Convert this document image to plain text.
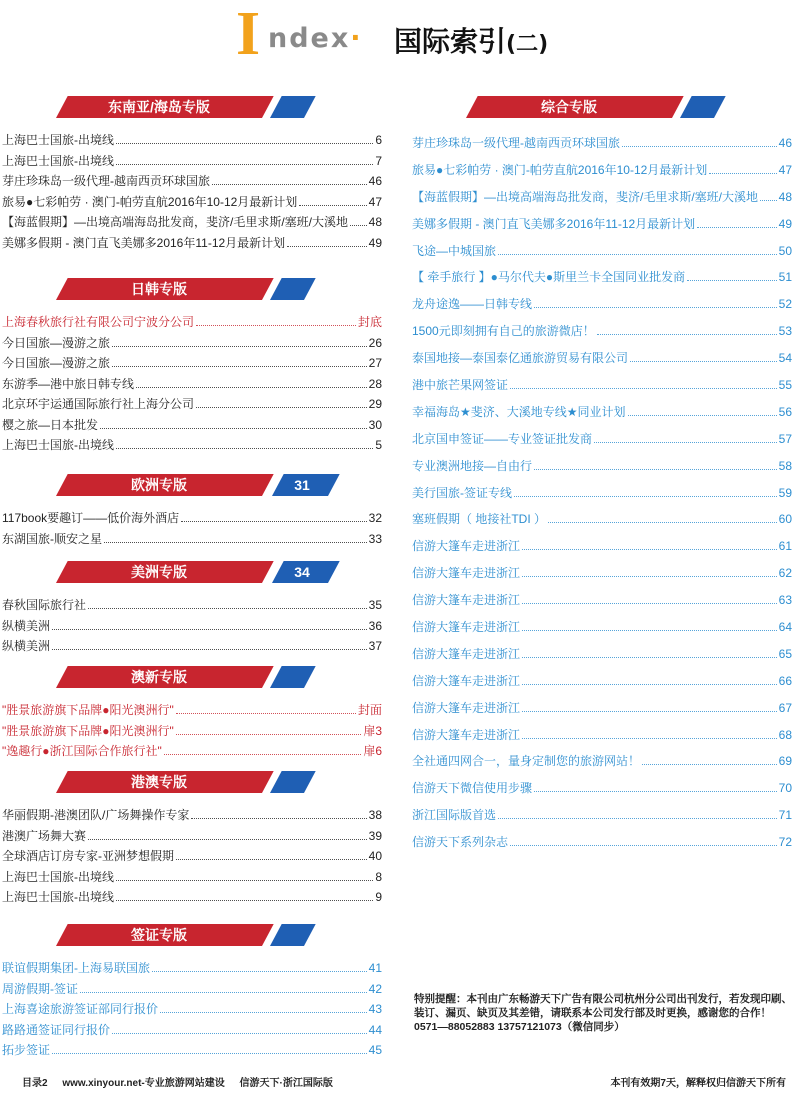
I ndex· 国际索引(二)
东南亚/海岛专版
上海巴士国旅-出境线	6
上海巴士国旅-出境线	7
芽庄珍珠岛一级代理-越南西贡环球国旅	46
旅易●七彩帕劳 · 澳门-帕劳直航2016年10-12月最新计划	47
【海蓝假期】—出境高端海岛批发商，斐济/毛里求斯/塞班/大溪地 48
美娜多假期 - 澳门直飞美娜多2016年11-12月最新计划	49
日韩专版
上海春秋旅行社有限公司宁波分公司	封底
今日国旅—漫游之旅	26
今日国旅—漫游之旅	27
东游季—港中旅日韩专线	28
北京环宇运通国际旅行社上海分公司	29
樱之旅—日本批发	30
上海巴士国旅-出境线	5
欧洲专版	31
117book要趣订——低价海外酒店	32
东湖国旅-顺安之星	33
美洲专版	34
春秋国际旅行社	35
纵横美洲	36
纵横美洲	37
澳新专版
"胜景旅游旗下品牌●阳光澳洲行"	封面
"胜景旅游旗下品牌●阳光澳洲行"	扉3
"逸趣行●浙江国际合作旅行社"	扉6
港澳专版
华丽假期-港澳团队/广场舞操作专家	38
港澳广场舞大赛	39
全球酒店订房专家-亚洲梦想假期	40
上海巴士国旅-出境线	8
上海巴士国旅-出境线	9
签证专版
联谊假期集团-上海易联国旅	41
周游假期-签证	42
上海喜途旅游签证部同行报价	43
路路通签证同行报价	44
拓步签证	45
综合专版
芽庄珍珠岛一级代理-越南西贡环球国旅	46
旅易●七彩帕劳 · 澳门-帕劳直航2016年10-12月最新计划	47
【海蓝假期】—出境高端海岛批发商，斐济/毛里求斯/塞班/大溪地 48
美娜多假期 - 澳门直飞美娜多2016年11-12月最新计划	49
飞途—中城国旅	50
【 牵手旅行 】●马尔代夫●斯里兰卡全国同业批发商	51
龙舟途逸——日韩专线	52
1500元即刻拥有自己的旅游微店！	53
泰国地接—泰国泰亿通旅游贸易有限公司	54
港中旅芒果网签证	55
幸福海岛★斐济、大溪地专线★同业计划	56
北京国申签证——专业签证批发商	57
专业澳洲地接—自由行	58
美行国旅-签证专线	59
塞班假期（ 地接社TDI ）	60
信游大篷车走进浙江	61
信游大篷车走进浙江	62
信游大篷车走进浙江	63
信游大篷车走进浙江	64
信游大篷车走进浙江	65
信游大篷车走进浙江	66
信游大篷车走进浙江	67
信游大篷车走进浙江	68
全社通四网合一，量身定制您的旅游网站！	69
信游天下微信使用步骤	70
浙江国际版首选	71
信游天下系列杂志	72
特别提醒：本刊由广东畅游天下广告有限公司杭州分公司出刊发行，若发现印刷、装订、漏页、缺页及其差错，请联系本公司发行部及时更换，感谢您的合作！0571—88052883 13757121073（微信同步）
目录2 www.xinyour.net-专业旅游网站建设 信游天下·浙江国际版	本刊有效期7天，解释权归信游天下所有
